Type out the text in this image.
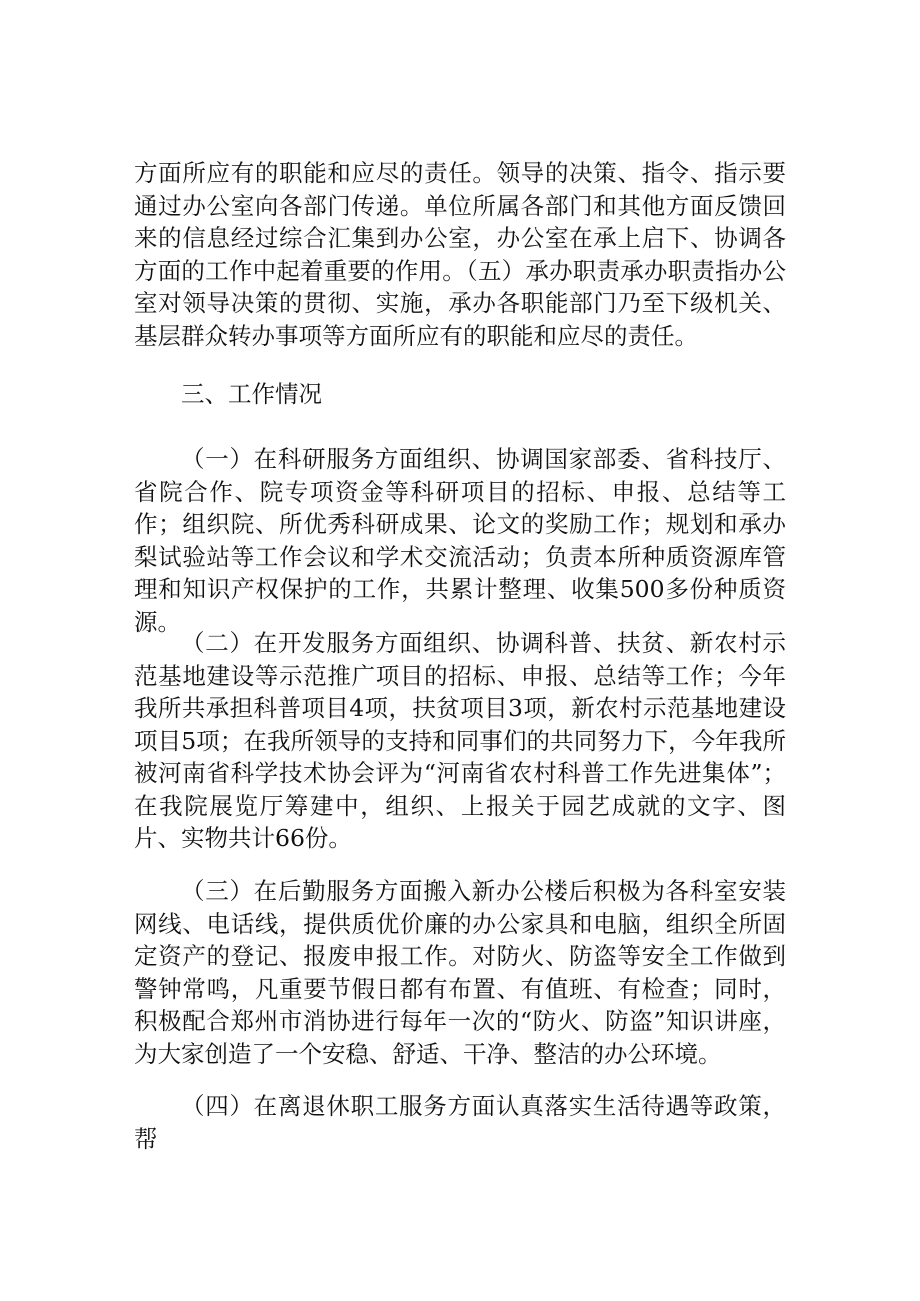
方面所应有的职能和应尽的责任。领导的决策、指令、指示要通过办公室向各部门传递。单位所属各部门和其他方面反馈回来的信息经过综合汇集到办公室，办公室在承上启下、协调各方面的工作中起着重要的作用。（五）承办职责承办职责指办公室对领导决策的贯彻、实施，承办各职能部门乃至下级机关、基层群众转办事项等方面所应有的职能和应尽的责任。

三、工作情况

（一）在科研服务方面组织、协调国家部委、省科技厅、省院合作、院专项资金等科研项目的招标、申报、总结等工作；组织院、所优秀科研成果、论文的奖励工作；规划和承办梨试验站等工作会议和学术交流活动；负责本所种质资源库管理和知识产权保护的工作，共累计整理、收集500多份种质资源。

（二）在开发服务方面组织、协调科普、扶贫、新农村示范基地建设等示范推广项目的招标、申报、总结等工作；今年我所共承担科普项目4项，扶贫项目3项，新农村示范基地建设项目5项；在我所领导的支持和同事们的共同努力下，今年我所被河南省科学技术协会评为“河南省农村科普工作先进集体”；在我院展览厅筹建中，组织、上报关于园艺成就的文字、图片、实物共计66份。

（三）在后勤服务方面搬入新办公楼后积极为各科室安装网线、电话线，提供质优价廉的办公家具和电脑，组织全所固定资产的登记、报废申报工作。对防火、防盗等安全工作做到警钟常鸣，凡重要节假日都有布置、有值班、有检查；同时，积极配合郑州市消协进行每年一次的“防火、防盗”知识讲座，为大家创造了一个安稳、舒适、干净、整洁的办公环境。

（四）在离退休职工服务方面认真落实生活待遇等政策，帮
